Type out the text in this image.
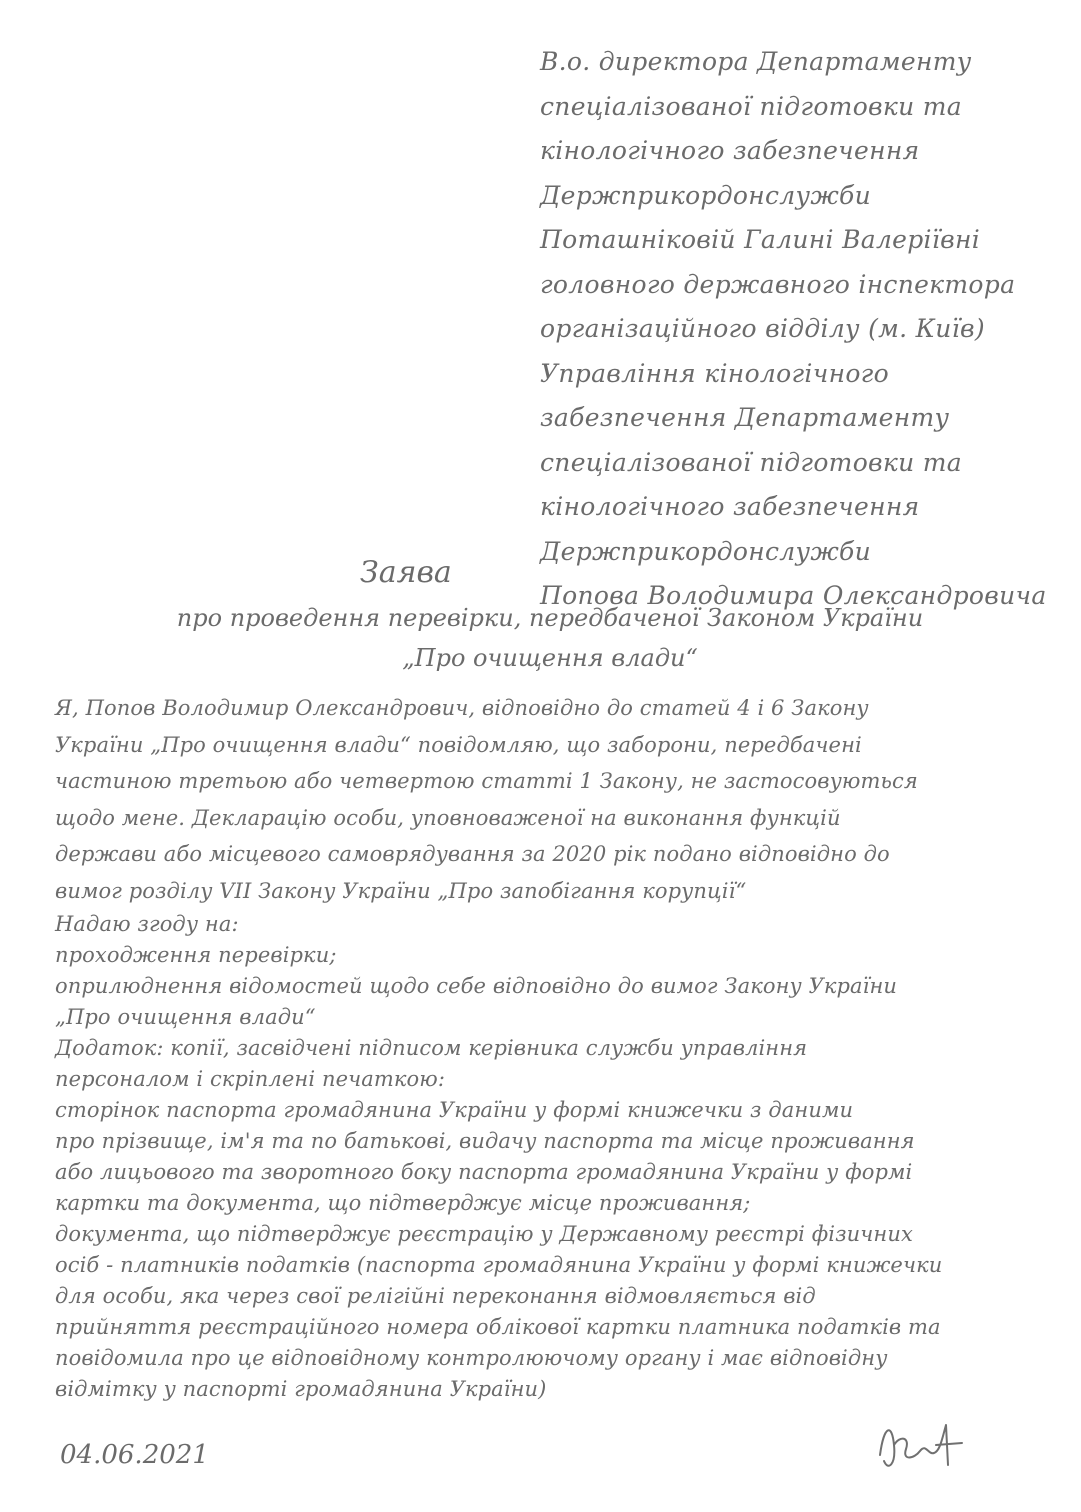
В.о. директора Департаменту
спеціалізованої підготовки та
кінологічного забезпечення
Держприкордонслужби
Поташніковій Галині Валеріївні
головного державного інспектора
організаційного відділу (м. Київ)
Управління кінологічного
забезпечення Департаменту
спеціалізованої підготовки та
кінологічного забезпечення
Держприкордонслужби
Попова Володимира Олександровича
Заява
про проведення перевірки, передбаченої Законом України
„Про очищення влади“
Я, Попов Володимир Олександрович, відповідно до статей 4 і 6 Закону
України „Про очищення влади“ повідомляю, що заборони, передбачені
частиною третьою або четвертою статті 1 Закону, не застосовуються
щодо мене. Декларацію особи, уповноваженої на виконання функцій
держави або місцевого самоврядування за 2020 рік подано відповідно до
вимог розділу VII Закону України „Про запобігання корупції“
Надаю згоду на:
проходження перевірки;
оприлюднення відомостей щодо себе відповідно до вимог Закону України
„Про очищення влади“
Додаток: копії, засвідчені підписом керівника служби управління
персоналом і скріплені печаткою:
сторінок паспорта громадянина України у формі книжечки з даними
про прізвище, ім'я та по батькові, видачу паспорта та місце проживання
або лицьового та зворотного боку паспорта громадянина України у формі
картки та документа, що підтверджує місце проживання;
документа, що підтверджує реєстрацію у Державному реєстрі фізичних
осіб - платників податків (паспорта громадянина України у формі книжечки
для особи, яка через свої релігійні переконання відмовляється від
прийняття реєстраційного номера облікової картки платника податків та
повідомила про це відповідному контролюючому органу і має відповідну
відмітку у паспорті громадянина України)
04.06.2021
